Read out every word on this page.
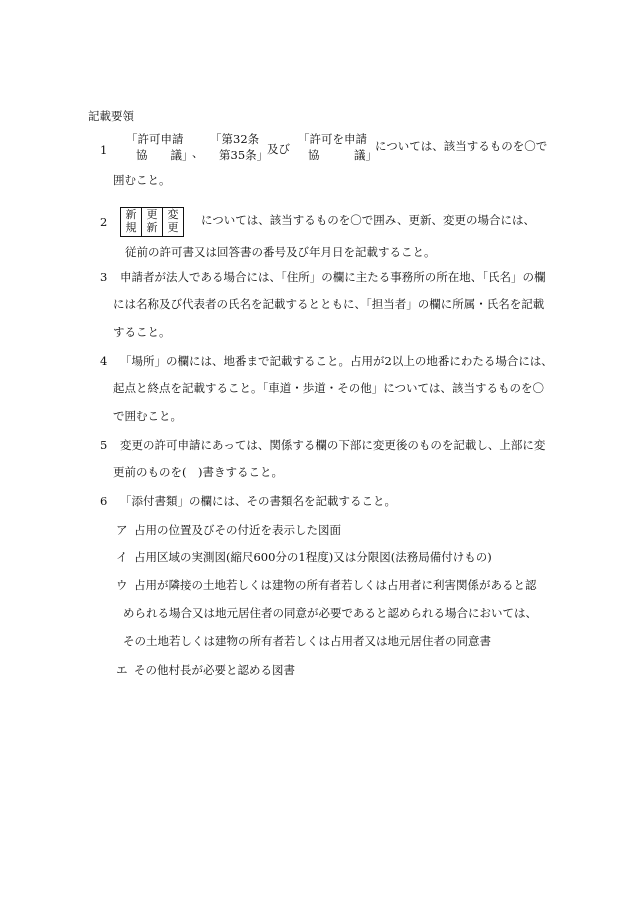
記載要領
1
「許可申請
協　　議」
、
「第32条
第35条」
及び
「許可を申請
協　　　議」
については、該当するものを〇で
囲むこと。
2
新
規

更
新

変
更
については、該当するものを〇で囲み、更新、変更の場合には、
従前の許可書又は回答書の番号及び年月日を記載すること。
3 申請者が法人である場合には、「住所」の欄に主たる事務所の所在地、「氏名」の欄
には名称及び代表者の氏名を記載するとともに、「担当者」の欄に所属・氏名を記載
すること。
4 「場所」の欄には、地番まで記載すること。占用が2以上の地番にわたる場合には、
起点と終点を記載すること。「車道・歩道・その他」については、該当するものを〇
で囲むこと。
5 変更の許可申請にあっては、関係する欄の下部に変更後のものを記載し、上部に変
更前のものを(　)書きすること。
6 「添付書類」の欄には、その書類名を記載すること。
ア 占用の位置及びその付近を表示した図面
イ 占用区域の実測図(縮尺600分の1程度)又は分限図(法務局備付けもの)
ウ 占用が隣接の土地若しくは建物の所有者若しくは占用者に利害関係があると認
められる場合又は地元居住者の同意が必要であると認められる場合においては、
その土地若しくは建物の所有者若しくは占用者又は地元居住者の同意書
エ その他村長が必要と認める図書
